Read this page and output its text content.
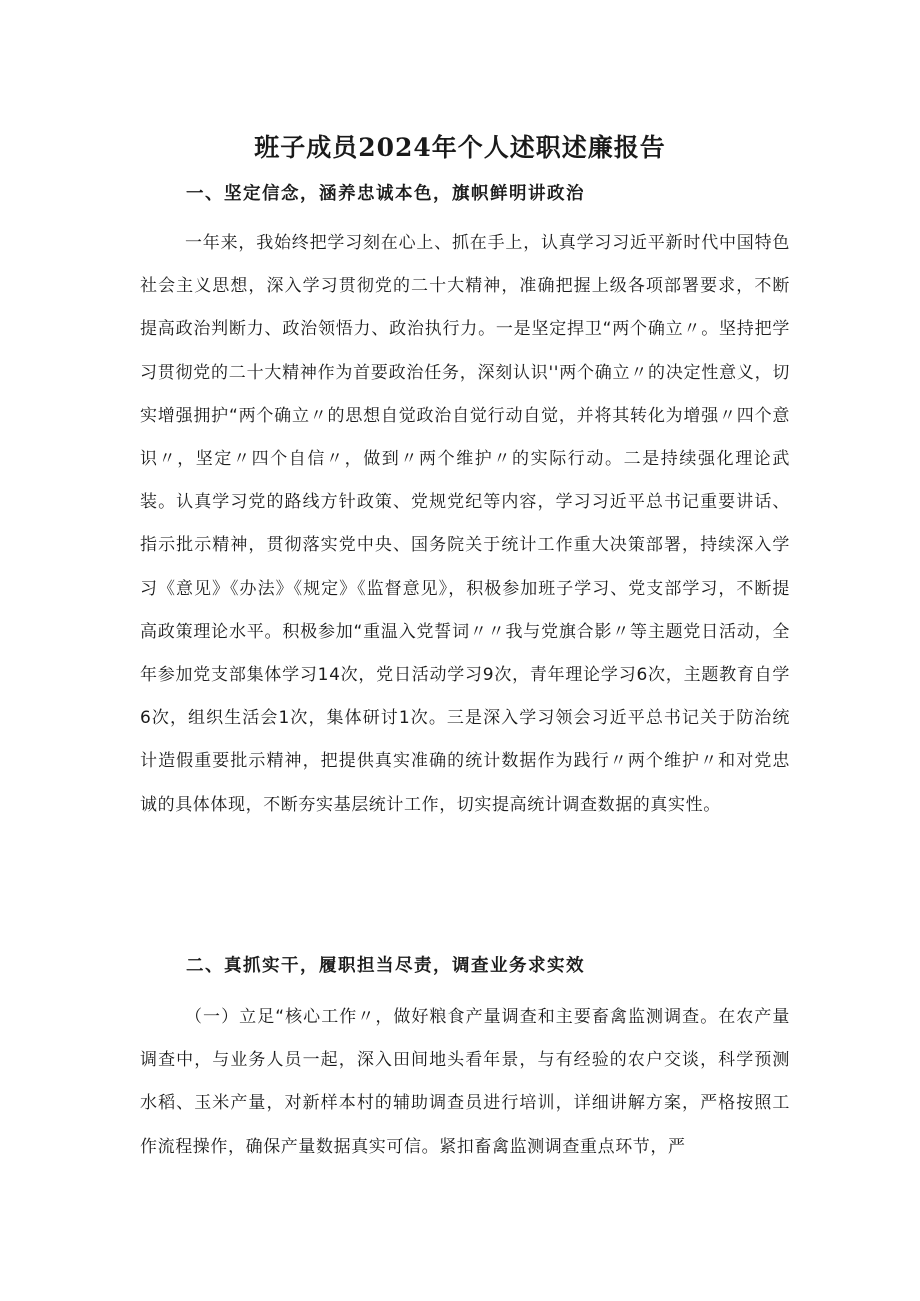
班子成员2024年个人述职述廉报告
一、坚定信念，涵养忠诚本色，旗帜鲜明讲政治

一年来，我始终把学习刻在心上、抓在手上，认真学习习近平新时代中国特色社会主义思想，深入学习贯彻党的二十大精神，准确把握上级各项部署要求，不断提高政治判断力、政治领悟力、政治执行力。一是坚定捍卫“两个确立〃。坚持把学习贯彻党的二十大精神作为首要政治任务，深刻认识''两个确立〃的决定性意义，切实增强拥护“两个确立〃的思想自觉政治自觉行动自觉，并将其转化为增强〃四个意识〃，坚定〃四个自信〃，做到〃两个维护〃的实际行动。二是持续强化理论武装。认真学习党的路线方针政策、党规党纪等内容，学习习近平总书记重要讲话、指示批示精神，贯彻落实党中央、国务院关于统计工作重大决策部署，持续深入学习《意见》《办法》《规定》《监督意见》，积极参加班子学习、党支部学习，不断提高政策理论水平。积极参加“重温入党誓词〃〃我与党旗合影〃等主题党日活动，全年参加党支部集体学习14次，党日活动学习9次，青年理论学习6次，主题教育自学6次，组织生活会1次，集体研讨1次。三是深入学习领会习近平总书记关于防治统计造假重要批示精神，把提供真实准确的统计数据作为践行〃两个维护〃和对党忠诚的具体体现，不断夯实基层统计工作，切实提高统计调查数据的真实性。

二、真抓实干，履职担当尽责，调查业务求实效

（一）立足“核心工作〃，做好粮食产量调查和主要畜禽监测调查。在农产量调查中，与业务人员一起，深入田间地头看年景，与有经验的农户交谈，科学预测水稻、玉米产量，对新样本村的辅助调查员进行培训，详细讲解方案，严格按照工作流程操作，确保产量数据真实可信。紧扣畜禽监测调查重点环节，严
